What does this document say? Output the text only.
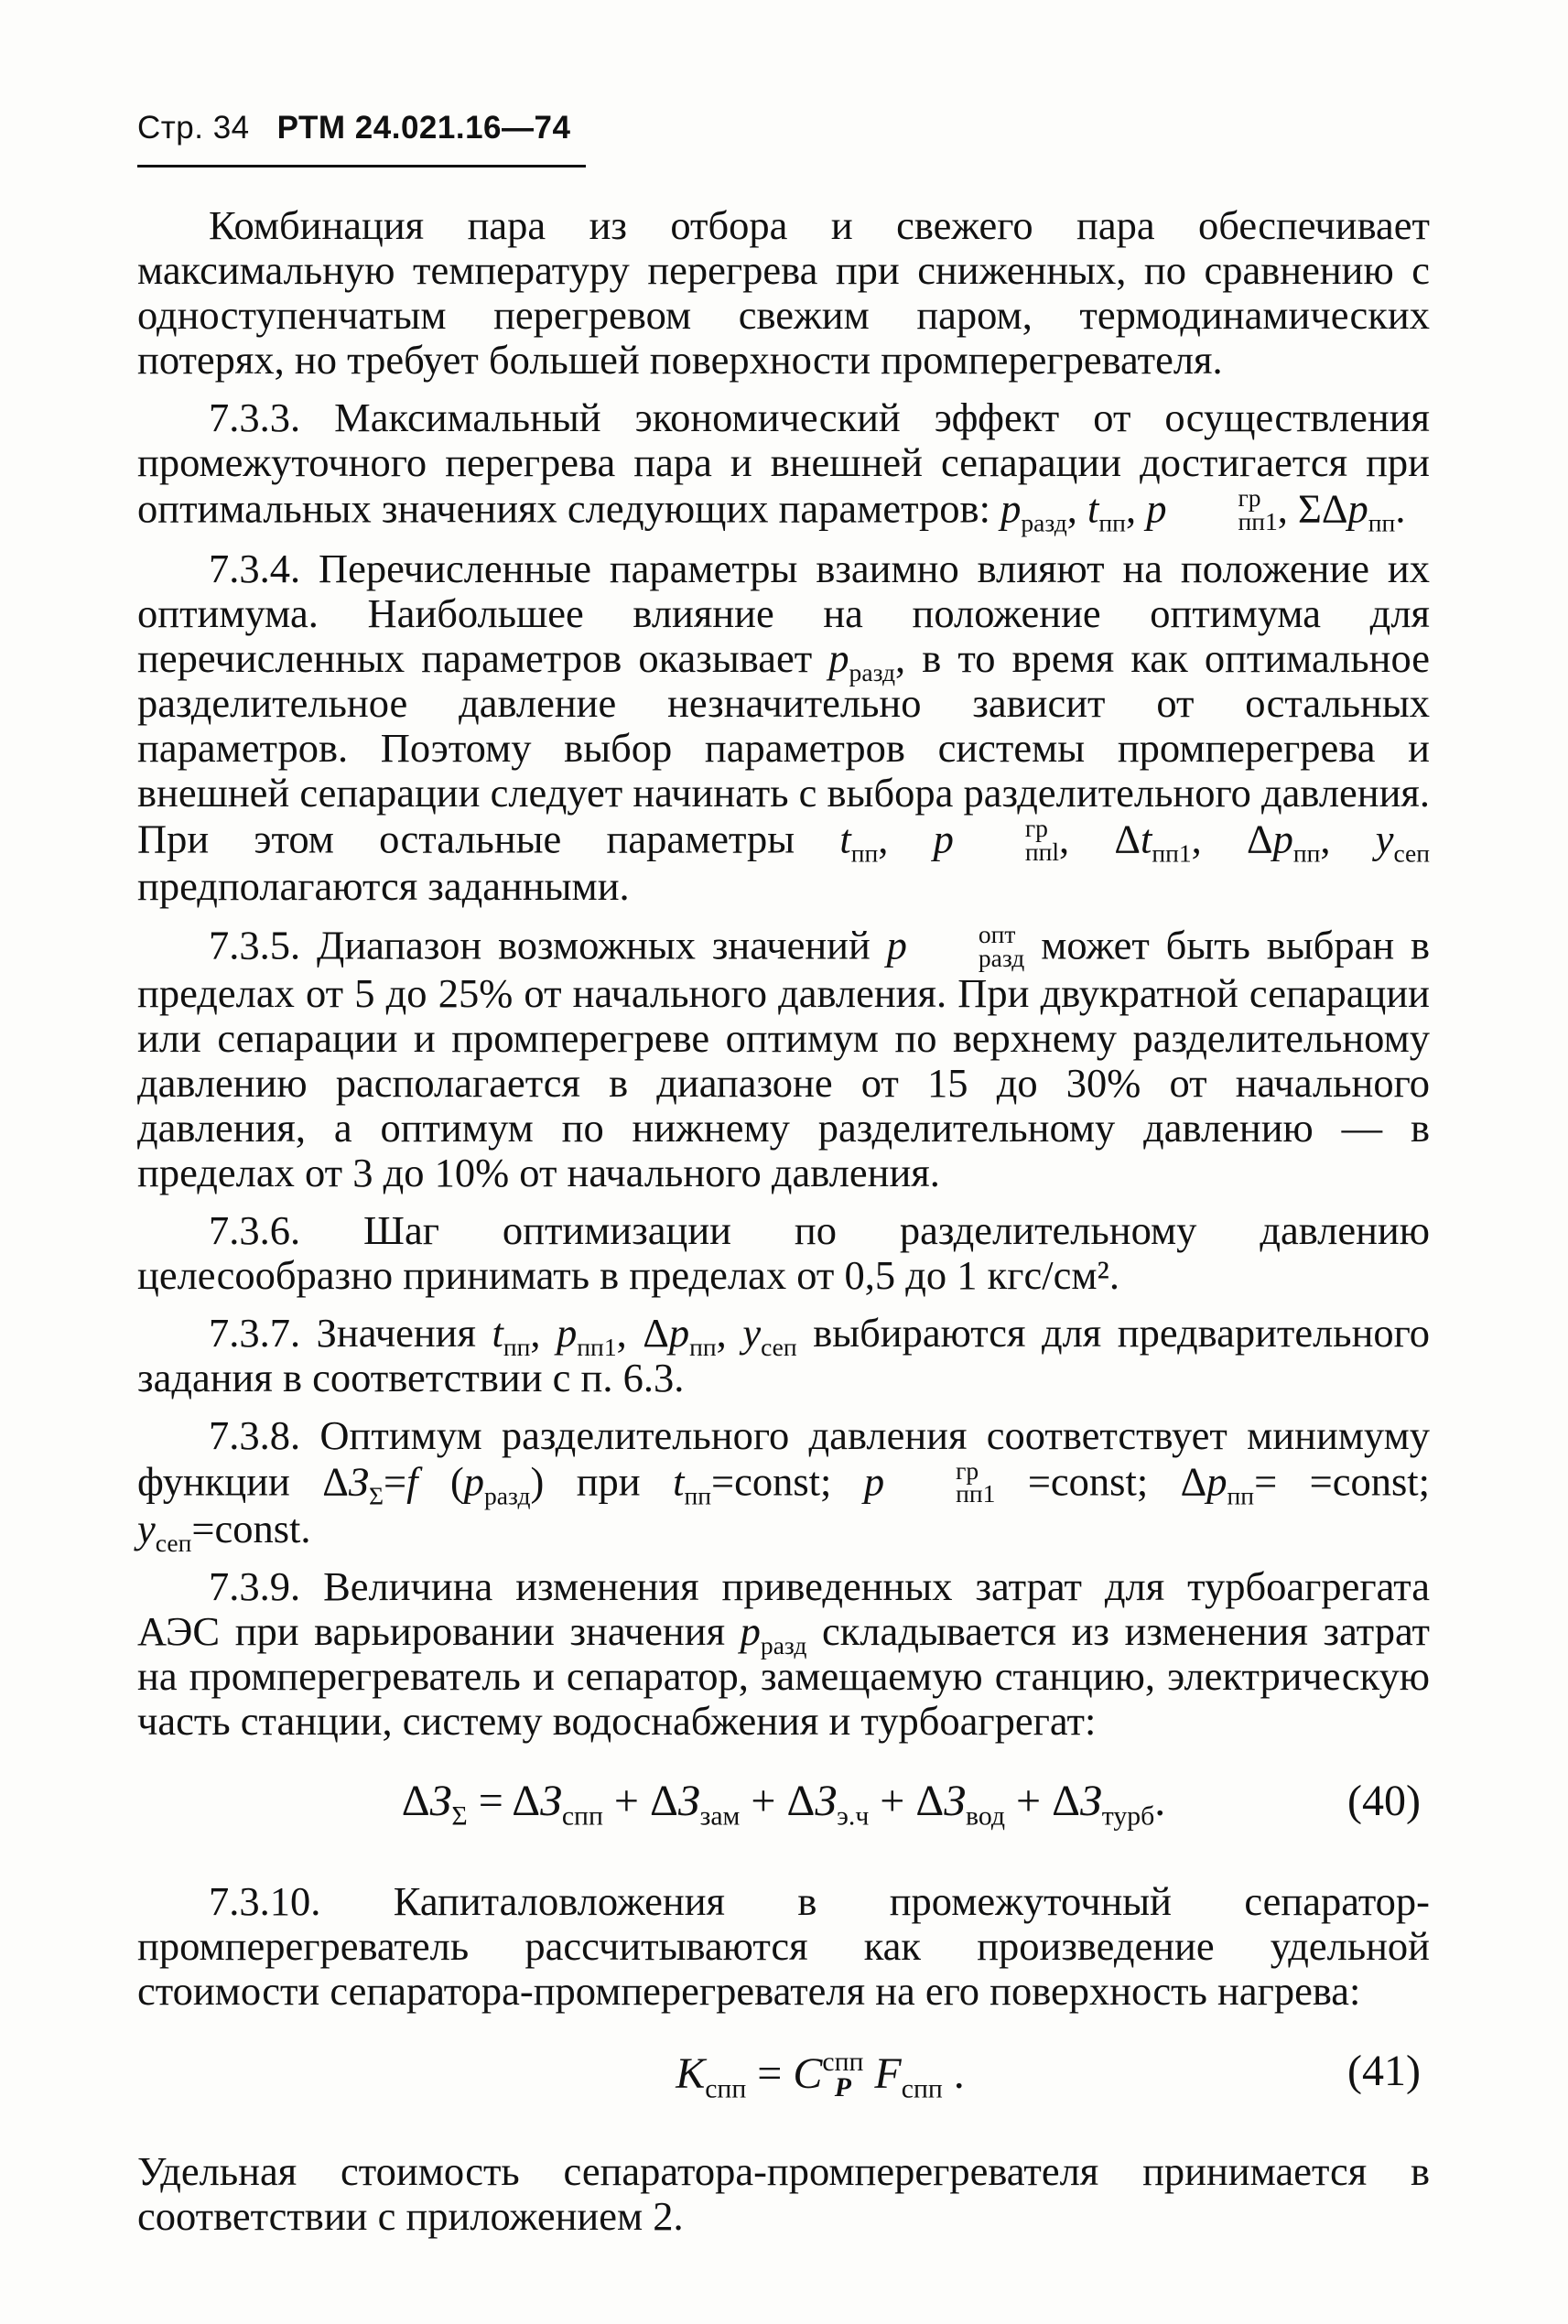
Стр. 34 РТМ 24.021.16—74

Комбинация пара из отбора и свежего пара обеспечивает максимальную температуру перегрева при сниженных, по сравнению с одноступенчатым перегревом свежим паром, термодинамических потерях, но требует большей поверхности промперегревателя.

7.3.3. Максимальный экономический эффект от осуществления промежуточного перегрева пара и внешней сепарации достигается при оптимальных значениях следующих параметров: $p_{разд}$, $t_{пп}$, p	гр
пп1 , ΣΔp$_{пп}$.

7.3.4. Перечисленные параметры взаимно влияют на положение их оптимума. Наибольшее влияние на положение оптимума для перечисленных параметров оказывает $p_{разд}$, в то время как оптимальное разделительное давление незначительно зависит от остальных параметров. Поэтому выбор параметров системы промперегрева и внешней сепарации следует начинать с выбора разделительного давления. При этом остальные параметры $t_{пп}$, p	гр
ппl , $\Delta t_{пп1}$, $\Delta p_{пп}$, $y_{сеп}$ предполагаются заданными.

7.3.5. Диапазон возможных значений p	опт
разд может быть выбран в пределах от 5 до 25% от начального давления. При двукратной сепарации или сепарации и промперегреве оптимум по верхнему разделительному давлению располагается в диапазоне от 15 до 30% от начального давления, а оптимум по нижнему разделительному давлению — в пределах от 3 до 10% от начального давления.

7.3.6. Шаг оптимизации по разделительному давлению целесообразно принимать в пределах от 0,5 до 1 кгс/см².

7.3.7. Значения $t_{пп}$, $p_{пп1}$, $\Delta p_{пп}$, $y_{сеп}$ выбираются для предварительного задания в соответствии с п. 6.3.

7.3.8. Оптимум разделительного давления соответствует минимуму функции $\Delta З_\Sigma=f$ $(p_{разд})$ при $t_{пп}=const$; p	гр
пп1 =const; $\Delta p_{пп}=$ =const; $y_{сеп}=const$.

7.3.9. Величина изменения приведенных затрат для турбоагрегата АЭС при варьировании значения $p_{разд}$ складывается из изменения затрат на промперегреватель и сепаратор, замещаемую станцию, электрическую часть станции, систему водоснабжения и турбоагрегат:

$\Delta З_\Sigma = \Delta З_{спп} + \Delta З_{зам} + \Delta З_{э.ч} + \Delta З_{вод} + \Delta З_{турб}$.	(40)

7.3.10. Капиталовложения в промежуточный сепаратор-промперегреватель рассчитываются как произведение удельной стоимости сепаратора-промперегревателя на его поверхность нагрева:

$K_{спп} = C$ спп
P $F_{спп}$ .	(41)

Удельная стоимость сепаратора-промперегревателя принимается в соответствии с приложением 2.
